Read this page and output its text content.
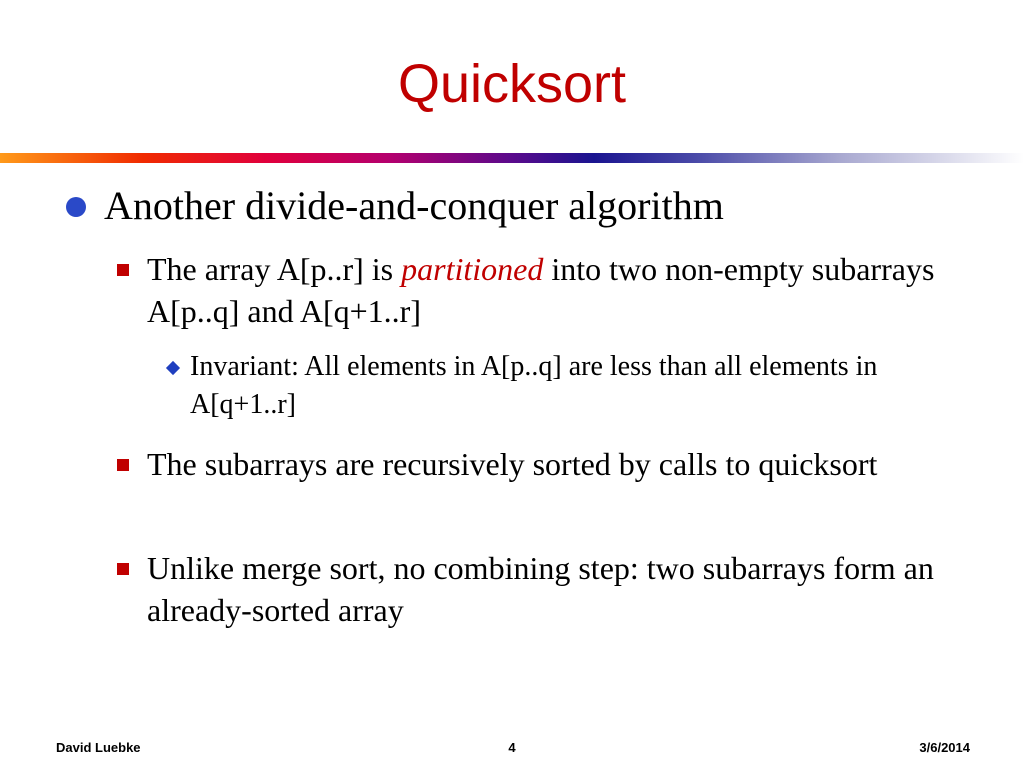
Quicksort
Another divide-and-conquer algorithm
The array A[p..r] is partitioned into two non-empty subarrays A[p..q] and A[q+1..r]
Invariant: All elements in A[p..q] are less than all elements in A[q+1..r]
The subarrays are recursively sorted by calls to quicksort
Unlike merge sort, no combining step: two subarrays form an already-sorted array
David Luebke	4	3/6/2014
